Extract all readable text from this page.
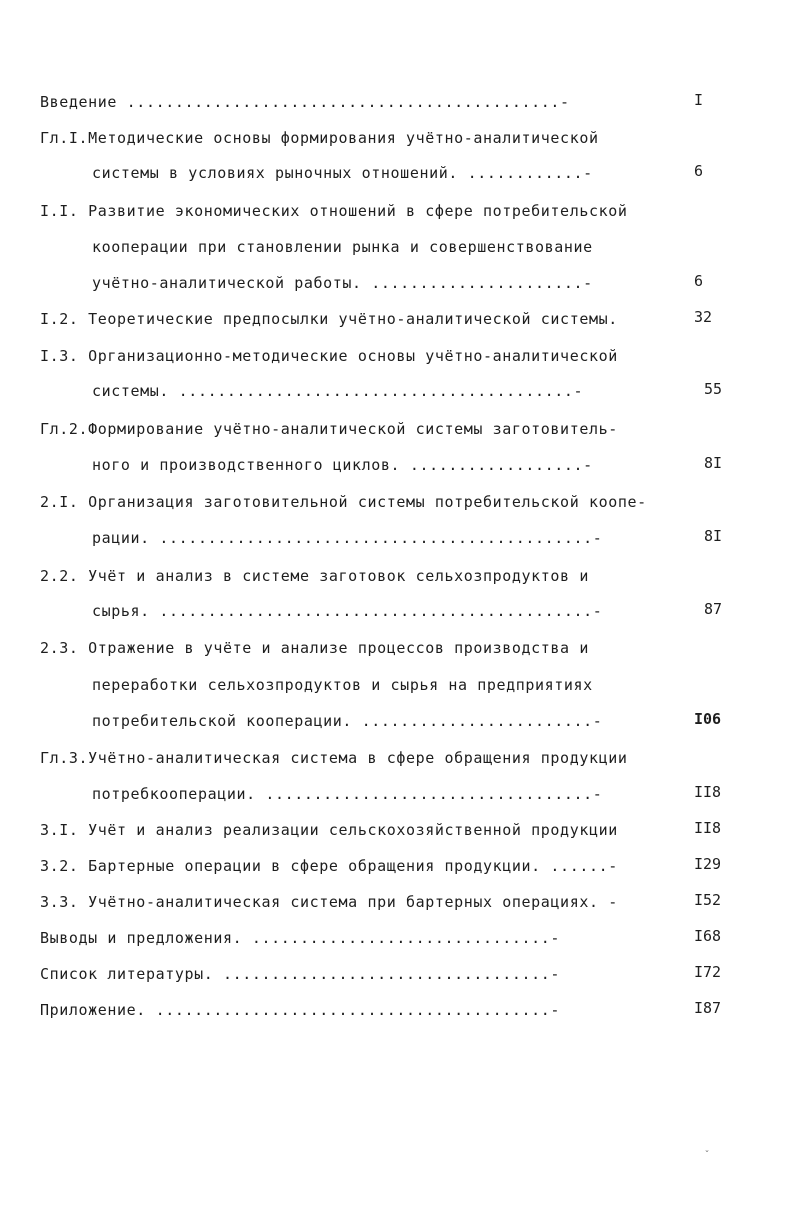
Введение .............................................-	I
Гл.I.Методические основы формирования учётно-аналитической
системы в условиях рыночных отношений. ............-	6
I.I. Развитие экономических отношений в сфере потребительской
кооперации при становлении рынка и совершенствование
учётно-аналитической работы. ......................-	6
I.2. Теоретические предпосылки учётно-аналитической системы.	32
I.3. Организационно-методические основы учётно-аналитической
системы. .........................................-	55
Гл.2.Формирование учётно-аналитической системы заготовитель-
ного и производственного циклов. ..................-	8I
2.I. Организация заготовительной системы потребительской коопе-
рации. .............................................-	8I
2.2. Учёт и анализ в системе заготовок сельхозпродуктов и
сырья. .............................................-	87
2.3. Отражение в учёте и анализе процессов производства и
переработки сельхозпродуктов и сырья на предприятиях
потребительской кооперации. ........................-	I06
Гл.3.Учётно-аналитическая система в сфере обращения продукции
потребкооперации. ..................................-	II8
3.I. Учёт и анализ реализации сельскохозяйственной продукции	II8
3.2. Бартерные операции в сфере обращения продукции. ......-	I29
3.3. Учётно-аналитическая система при бартерных операциях. -	I52
Выводы и предложения. ...............................-	I68
Список литературы. ..................................-	I72
Приложение. .........................................-	I87
ˇ
